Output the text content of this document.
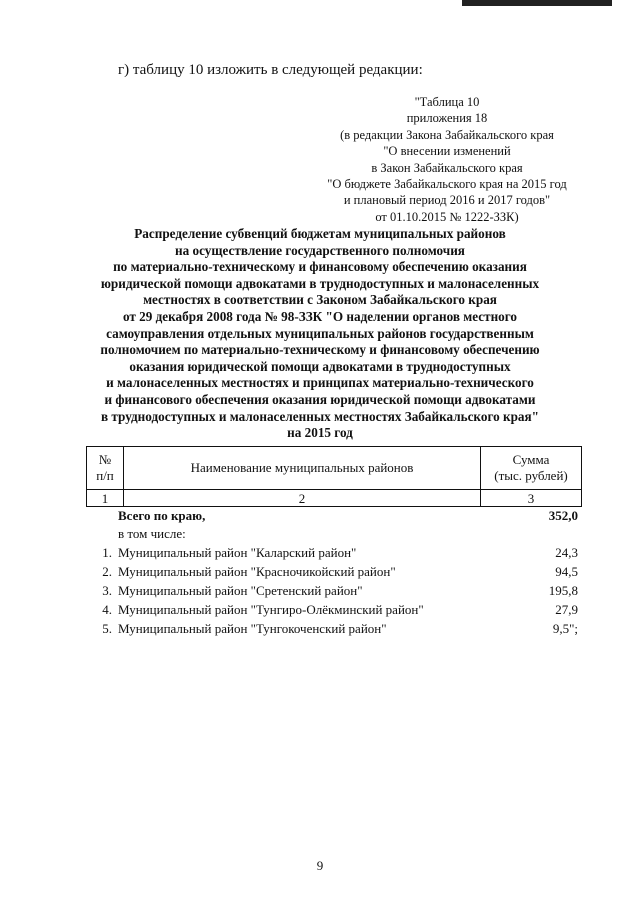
г) таблицу 10 изложить в следующей редакции:
"Таблица 10
приложения 18
(в редакции Закона Забайкальского края
"О внесении изменений
в Закон Забайкальского края
"О бюджете Забайкальского края на 2015 год
и плановый период 2016 и 2017 годов"
от 01.10.2015 № 1222-ЗЗК)
Распределение субвенций бюджетам муниципальных районов
на осуществление государственного полномочия
по материально-техническому и финансовому обеспечению оказания
юридической помощи адвокатами в труднодоступных и малонаселенных
местностях в соответствии с Законом Забайкальского края
от 29 декабря 2008 года № 98-ЗЗК "О наделении органов местного
самоуправления отдельных муниципальных районов государственным
полномочием по материально-техническому и финансовому обеспечению
оказания юридической помощи адвокатами в труднодоступных
и малонаселенных местностях и принципах материально-технического
и финансового обеспечения оказания юридической помощи адвокатами
в труднодоступных и малонаселенных местностях Забайкальского края"
на 2015 год
№
п/п	Наименование муниципальных районов	Сумма
(тыс. рублей)
1	2	3
Всего по краю,	352,0
в том числе:
1. Муниципальный район "Каларский район"	24,3
2. Муниципальный район "Красночикойский район"	94,5
3. Муниципальный район "Сретенский район"	195,8
4. Муниципальный район "Тунгиро-Олёкминский район"	27,9
5. Муниципальный район "Тунгокоченский район"	9,5";
9
